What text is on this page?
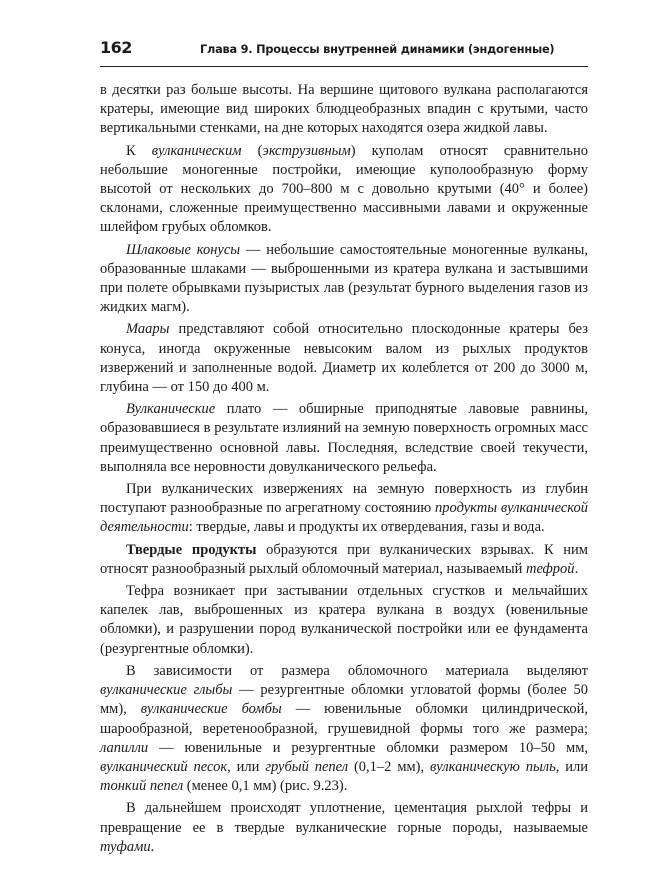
162	Глава 9. Процессы внутренней динамики (эндогенные)

в десятки раз больше высоты. На вершине щитового вулкана располагаются кратеры, имеющие вид широких блюдцеобразных впадин с крутыми, часто вертикальными стенками, на дне которых находятся озера жидкой лавы.

К вулканическим (экструзивным) куполам относят сравнительно небольшие моногенные постройки, имеющие куполообразную форму высотой от нескольких до 700–800 м с довольно крутыми (40° и более) склонами, сложенные преимущественно массивными лавами и окруженные шлейфом грубых обломков.

Шлаковые конусы — небольшие самостоятельные моногенные вулканы, образованные шлаками — выброшенными из кратера вулкана и застывшими при полете обрывками пузыристых лав (результат бурного выделения газов из жидких магм).

Маары представляют собой относительно плоскодонные кратеры без конуса, иногда окруженные невысоким валом из рыхлых продуктов извержений и заполненные водой. Диаметр их колеблется от 200 до 3000 м, глубина — от 150 до 400 м.

Вулканические плато — обширные приподнятые лавовые равнины, образовавшиеся в результате излияний на земную поверхность огромных масс преимущественно основной лавы. Последняя, вследствие своей текучести, выполняла все неровности довулканического рельефа.

При вулканических извержениях на земную поверхность из глубин поступают разнообразные по агрегатному состоянию продукты вулканической деятельности: твердые, лавы и продукты их отвердевания, газы и вода.

Твердые продукты образуются при вулканических взрывах. К ним относят разнообразный рыхлый обломочный материал, называемый тефрой.

Тефра возникает при застывании отдельных сгустков и мельчайших капелек лав, выброшенных из кратера вулкана в воздух (ювенильные обломки), и разрушении пород вулканической постройки или ее фундамента (резургентные обломки).

В зависимости от размера обломочного материала выделяют вулканические глыбы — резургентные обломки угловатой формы (более 50 мм), вулканические бомбы — ювенильные обломки цилиндрической, шарообразной, веретенообразной, грушевидной формы того же размера; лапилли — ювенильные и резургентные обломки размером 10–50 мм, вулканический песок, или грубый пепел (0,1–2 мм), вулканическую пыль, или тонкий пепел (менее 0,1 мм) (рис. 9.23).

В дальнейшем происходят уплотнение, цементация рыхлой тефры и превращение ее в твердые вулканические горные породы, называемые туфами.
